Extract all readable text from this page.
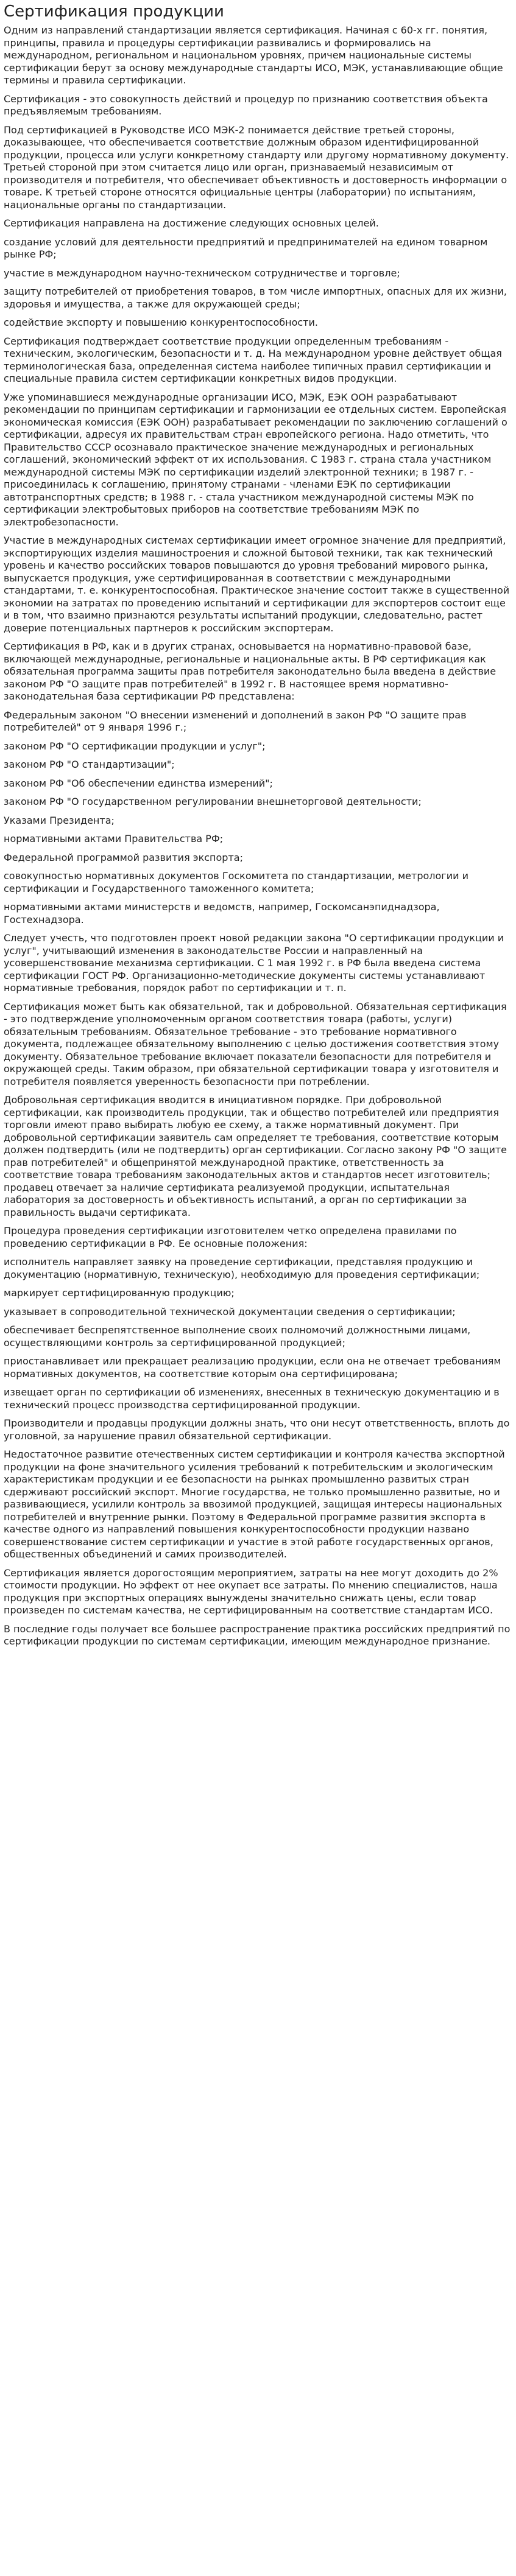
Сертификация продукции

Одним из направлений стандартизации является сертификация. Начиная с 60-х гг. понятия, принципы, правила и процедуры сертификации развивались и формировались на международном, региональном и национальном уровнях, причем национальные системы сертификации берут за основу международные стандарты ИСО, МЭК, устанавливающие общие термины и правила сертификации.

Сертификация - это совокупность действий и процедур по признанию соответствия объекта предъявляемым требованиям.

Под сертификацией в Руководстве ИСО МЭК-2 понимается действие третьей стороны, доказывающее, что обеспечивается соответствие должным образом идентифицированной продукции, процесса или услуги конкретному стандарту или другому нормативному документу. Третьей стороной при этом считается лицо или орган, признаваемый независимым от производителя и потребителя, что обеспечивает объективность и достоверность информации о товаре. К третьей стороне относятся официальные центры (лаборатории) по испытаниям, национальные органы по стандартизации.

Сертификация направлена на достижение следующих основных целей.

создание условий для деятельности предприятий и предпринимателей на едином товарном рынке РФ;

участие в международном научно-техническом сотрудничестве и торговле;

защиту потребителей от приобретения товаров, в том числе импортных, опасных для их жизни, здоровья и имущества, а также для окружающей среды;

содействие экспорту и повышению конкурентоспособности.

Сертификация подтверждает соответствие продукции определенным требованиям - техническим, экологическим, безопасности и т. д. На международном уровне действует общая терминологическая база, определенная система наиболее типичных правил сертификации и специальные правила систем сертификации конкретных видов продукции.

Уже упоминавшиеся международные организации ИСО, МЭК, ЕЭК ООН разрабатывают рекомендации по принципам сертификации и гармонизации ее отдельных систем. Европейская экономическая комиссия (ЕЭК ООН) разрабатывает рекомендации по заключению соглашений о сертификации, адресуя их правительствам стран европейского региона. Надо отметить, что Правительство СССР осознавало практическое значение международных и региональных соглашений, экономический эффект от их использования. С 1983 г. страна стала участником международной системы МЭК по сертификации изделий электронной техники; в 1987 г. - присоединилась к соглашению, принятому странами - членами ЕЭК по сертификации автотранспортных средств; в 1988 г. - стала участником международной системы МЭК по сертификации электробытовых приборов на соответствие требованиям МЭК по электробезопасности.

Участие в международных системах сертификации имеет огромное значение для предприятий, экспортирующих изделия машиностроения и сложной бытовой техники, так как технический уровень и качество российских товаров повышаются до уровня требований мирового рынка, выпускается продукция, уже сертифицированная в соответствии с международными стандартами, т. е. конкурентоспособная. Практическое значение состоит также в существенной экономии на затратах по проведению испытаний и сертификации для экспортеров состоит еще и в том, что взаимно признаются результаты испытаний продукции, следовательно, растет доверие потенциальных партнеров к российским экспортерам.

Сертификация в РФ, как и в других странах, основывается на нормативно-правовой базе, включающей международные, региональные и национальные акты. В РФ сертификация как обязательная программа защиты прав потребителя законодательно была введена в действие законом РФ "О защите прав потребителей" в 1992 г. В настоящее время нормативно-законодательная база сертификации РФ представлена:

Федеральным законом "О внесении изменений и дополнений в закон РФ "О защите прав потребителей" от 9 января 1996 г.;

законом РФ "О сертификации продукции и услуг";

законом РФ "О стандартизации";

законом РФ "Об обеспечении единства измерений";

законом РФ "О государственном регулировании внешнеторговой деятельности;

Указами Президента;

нормативными актами Правительства РФ;

Федеральной программой развития экспорта;

совокупностью нормативных документов Госкомитета по стандартизации, метрологии и сертификации и Государственного таможенного комитета;

нормативными актами министерств и ведомств, например, Госкомсанэпиднадзора, Гостехнадзора.

Следует учесть, что подготовлен проект новой редакции закона "О сертификации продукции и услуг", учитывающий изменения в законодательстве России и направленный на усовершенствование механизма сертификации. С 1 мая 1992 г. в РФ была введена система сертификации ГОСТ РФ. Организационно-методические документы системы устанавливают нормативные требования, порядок работ по сертификации и т. п.

Сертификация может быть как обязательной, так и добровольной. Обязательная сертификация - это подтверждение уполномоченным органом соответствия товара (работы, услуги) обязательным требованиям. Обязательное требование - это требование нормативного документа, подлежащее обязательному выполнению с целью достижения соответствия этому документу. Обязательное требование включает показатели безопасности для потребителя и окружающей среды. Таким образом, при обязательной сертификации товара у изготовителя и потребителя появляется уверенность безопасности при потреблении.

Добровольная сертификация вводится в инициативном порядке. При добровольной сертификации, как производитель продукции, так и общество потребителей или предприятия торговли имеют право выбирать любую ее схему, а также нормативный документ. При добровольной сертификации заявитель сам определяет те требования, соответствие которым должен подтвердить (или не подтвердить) орган сертификации. Согласно закону РФ "О защите прав потребителей" и общепринятой международной практике, ответственность за соответствие товара требованиям законодательных актов и стандартов несет изготовитель; продавец отвечает за наличие сертификата реализуемой продукции, испытательная лаборатория за достоверность и объективность испытаний, а орган по сертификации за правильность выдачи сертификата.

Процедура проведения сертификации изготовителем четко определена правилами по проведению сертификации в РФ. Ее основные положения:

исполнитель направляет заявку на проведение сертификации, представляя продукцию и документацию (нормативную, техническую), необходимую для проведения сертификации;

маркирует сертифицированную продукцию;

указывает в сопроводительной технической документации сведения о сертификации;

обеспечивает беспрепятственное выполнение своих полномочий должностными лицами, осуществляющими контроль за сертифицированной продукцией;

приостанавливает или прекращает реализацию продукции, если она не отвечает требованиям нормативных документов, на соответствие которым она сертифицирована;

извещает орган по сертификации об изменениях, внесенных в техническую документацию и в технический процесс производства сертифицированной продукции.

Производители и продавцы продукции должны знать, что они несут ответственность, вплоть до уголовной, за нарушение правил обязательной сертификации.

Недостаточное развитие отечественных систем сертификации и контроля качества экспортной продукции на фоне значительного усиления требований к потребительским и экологическим характеристикам продукции и ее безопасности на рынках промышленно развитых стран сдерживают российский экспорт. Многие государства, не только промышленно развитые, но и развивающиеся, усилили контроль за ввозимой продукцией, защищая интересы национальных потребителей и внутренние рынки. Поэтому в Федеральной программе развития экспорта в качестве одного из направлений повышения конкурентоспособности продукции названо совершенствование систем сертификации и участие в этой работе государственных органов, общественных объединений и самих производителей.

Сертификация является дорогостоящим мероприятием, затраты на нее могут доходить до 2% стоимости продукции. Но эффект от нее окупает все затраты. По мнению специалистов, наша продукция при экспортных операциях вынуждены значительно снижать цены, если товар произведен по системам качества, не сертифицированным на соответствие стандартам ИСО.

В последние годы получает все большее распространение практика российских предприятий по сертификации продукции по системам сертификации, имеющим международное признание.
